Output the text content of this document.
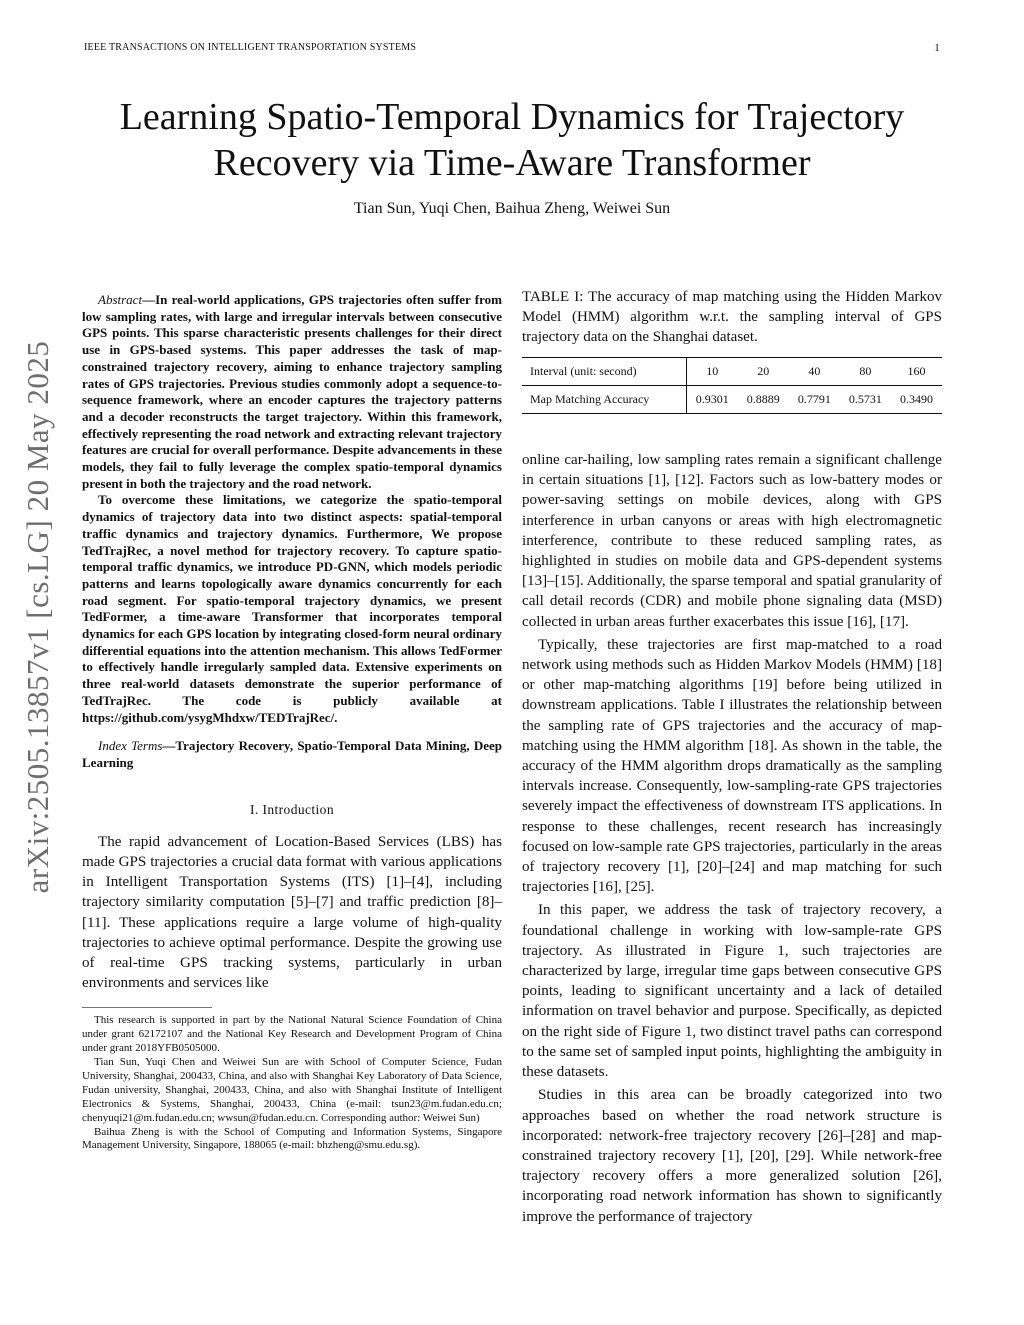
IEEE TRANSACTIONS ON INTELLIGENT TRANSPORTATION SYSTEMS	1
arXiv:2505.13857v1 [cs.LG] 20 May 2025
Learning Spatio-Temporal Dynamics for Trajectory
Recovery via Time-Aware Transformer
Tian Sun, Yuqi Chen, Baihua Zheng, Weiwei Sun

Abstract—In real-world applications, GPS trajectories often suffer from low sampling rates, with large and irregular intervals between consecutive GPS points. This sparse characteristic presents challenges for their direct use in GPS-based systems. This paper addresses the task of map-constrained trajectory recovery, aiming to enhance trajectory sampling rates of GPS trajectories. Previous studies commonly adopt a sequence-to-sequence framework, where an encoder captures the trajectory patterns and a decoder reconstructs the target trajectory. Within this framework, effectively representing the road network and extracting relevant trajectory features are crucial for overall performance. Despite advancements in these models, they fail to fully leverage the complex spatio-temporal dynamics present in both the trajectory and the road network.

To overcome these limitations, we categorize the spatio-temporal dynamics of trajectory data into two distinct aspects: spatial-temporal traffic dynamics and trajectory dynamics. Furthermore, We propose TedTrajRec, a novel method for trajectory recovery. To capture spatio-temporal traffic dynamics, we introduce PD-GNN, which models periodic patterns and learns topologically aware dynamics concurrently for each road segment. For spatio-temporal trajectory dynamics, we present TedFormer, a time-aware Transformer that incorporates temporal dynamics for each GPS location by integrating closed-form neural ordinary differential equations into the attention mechanism. This allows TedFormer to effectively handle irregularly sampled data. Extensive experiments on three real-world datasets demonstrate the superior performance of TedTrajRec. The code is publicly available at https://github.com/ysygMhdxw/TEDTrajRec/.

Index Terms—Trajectory Recovery, Spatio-Temporal Data Mining, Deep Learning
I. Introduction

The rapid advancement of Location-Based Services (LBS) has made GPS trajectories a crucial data format with various applications in Intelligent Transportation Systems (ITS) [1]–[4], including trajectory similarity computation [5]–[7] and traffic prediction [8]–[11]. These applications require a large volume of high-quality trajectories to achieve optimal performance. Despite the growing use of real-time GPS tracking systems, particularly in urban environments and services like

This research is supported in part by the National Natural Science Foundation of China under grant 62172107 and the National Key Research and Development Program of China under grant 2018YFB0505000.

Tian Sun, Yuqi Chen and Weiwei Sun are with School of Computer Science, Fudan University, Shanghai, 200433, China, and also with Shanghai Key Laboratory of Data Science, Fudan university, Shanghai, 200433, China, and also with Shanghai Institute of Intelligent Electronics & Systems, Shanghai, 200433, China (e-mail: tsun23@m.fudan.edu.cn; chenyuqi21@m.fudan.edu.cn; wwsun@fudan.edu.cn. Corresponding author: Weiwei Sun)

Baihua Zheng is with the School of Computing and Information Systems, Singapore Management University, Singapore, 188065 (e-mail: bhzheng@smu.edu.sg).

TABLE I: The accuracy of map matching using the Hidden Markov Model (HMM) algorithm w.r.t. the sampling interval of GPS trajectory data on the Shanghai dataset.

Interval (unit: second)	10	20	40	80	160
Map Matching Accuracy	0.9301	0.8889	0.7791	0.5731	0.3490

online car-hailing, low sampling rates remain a significant challenge in certain situations [1], [12]. Factors such as low-battery modes or power-saving settings on mobile devices, along with GPS interference in urban canyons or areas with high electromagnetic interference, contribute to these reduced sampling rates, as highlighted in studies on mobile data and GPS-dependent systems [13]–[15]. Additionally, the sparse temporal and spatial granularity of call detail records (CDR) and mobile phone signaling data (MSD) collected in urban areas further exacerbates this issue [16], [17].

Typically, these trajectories are first map-matched to a road network using methods such as Hidden Markov Models (HMM) [18] or other map-matching algorithms [19] before being utilized in downstream applications. Table I illustrates the relationship between the sampling rate of GPS trajectories and the accuracy of map-matching using the HMM algorithm [18]. As shown in the table, the accuracy of the HMM algorithm drops dramatically as the sampling intervals increase. Consequently, low-sampling-rate GPS trajectories severely impact the effectiveness of downstream ITS applications. In response to these challenges, recent research has increasingly focused on low-sample rate GPS trajectories, particularly in the areas of trajectory recovery [1], [20]–[24] and map matching for such trajectories [16], [25].

In this paper, we address the task of trajectory recovery, a foundational challenge in working with low-sample-rate GPS trajectory. As illustrated in Figure 1, such trajectories are characterized by large, irregular time gaps between consecutive GPS points, leading to significant uncertainty and a lack of detailed information on travel behavior and purpose. Specifically, as depicted on the right side of Figure 1, two distinct travel paths can correspond to the same set of sampled input points, highlighting the ambiguity in these datasets.

Studies in this area can be broadly categorized into two approaches based on whether the road network structure is incorporated: network-free trajectory recovery [26]–[28] and map-constrained trajectory recovery [1], [20], [29]. While network-free trajectory recovery offers a more generalized solution [26], incorporating road network information has shown to significantly improve the performance of trajectory
